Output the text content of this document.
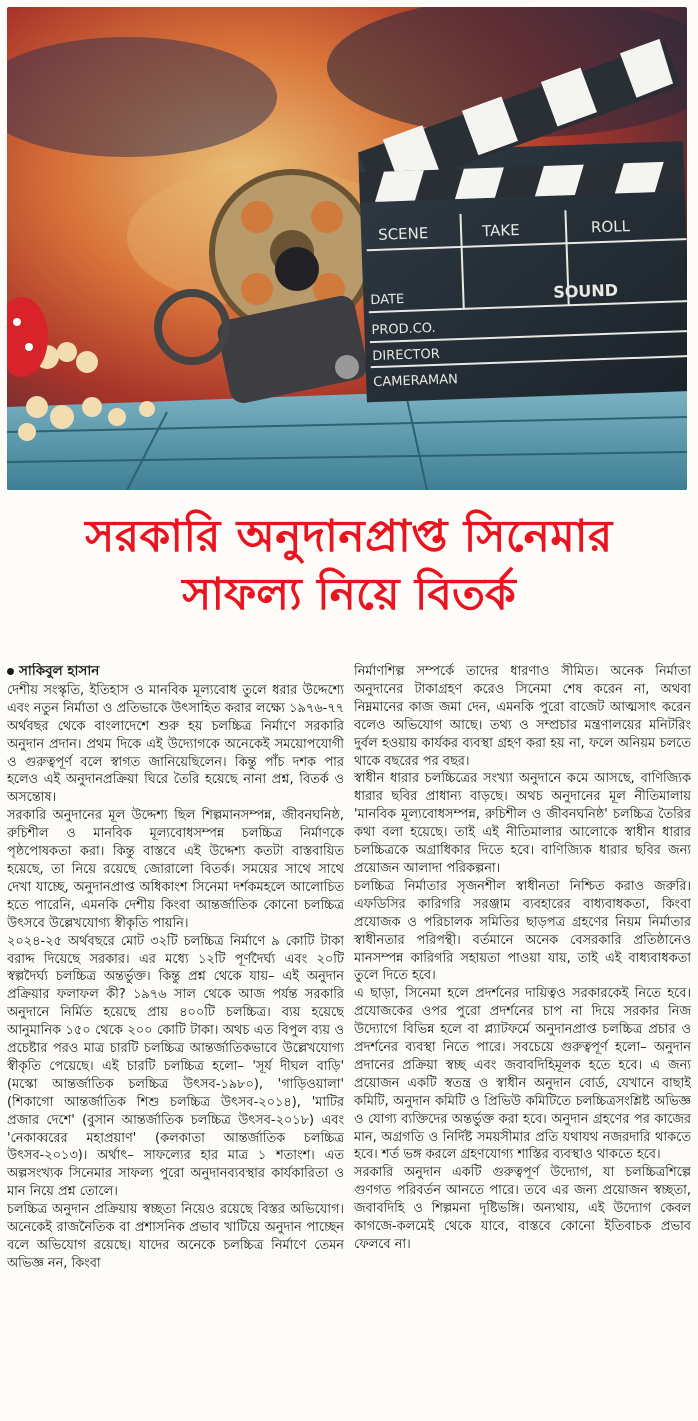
SCENE	TAKE	ROLL
DATE	SOUND
PROD.CO.
DIRECTOR
CAMERAMAN
সরকারি অনুদানপ্রাপ্ত সিনেমার
সাফল্য নিয়ে বিতর্ক
সাকিবুল হাসান

দেশীয় সংস্কৃতি, ইতিহাস ও মানবিক মূল্যবোধ তুলে ধরার উদ্দেশ্যে এবং নতুন নির্মাতা ও প্রতিভাকে উৎসাহিত করার লক্ষ্যে ১৯৭৬-৭৭ অর্থবছর থেকে বাংলাদেশে শুরু হয় চলচ্চিত্র নির্মাণে সরকারি অনুদান প্রদান। প্রথম দিকে এই উদ্যোগকে অনেকেই সময়োপযোগী ও গুরুত্বপূর্ণ বলে স্বাগত জানিয়েছিলেন। কিন্তু পাঁচ দশক পার হলেও এই অনুদানপ্রক্রিয়া ঘিরে তৈরি হয়েছে নানা প্রশ্ন, বিতর্ক ও অসন্তোষ।

সরকারি অনুদানের মূল উদ্দেশ্য ছিল শিল্পমানসম্পন্ন, জীবনঘনিষ্ঠ, রুচিশীল ও মানবিক মূল্যবোধসম্পন্ন চলচ্চিত্র নির্মাণকে পৃষ্ঠপোষকতা করা। কিন্তু বাস্তবে এই উদ্দেশ্য কতটা বাস্তবায়িত হয়েছে, তা নিয়ে রয়েছে জোরালো বিতর্ক। সময়ের সাথে সাথে দেখা যাচ্ছে, অনুদানপ্রাপ্ত অধিকাংশ সিনেমা দর্শকমহলে আলোচিত হতে পারেনি, এমনকি দেশীয় কিংবা আন্তর্জাতিক কোনো চলচ্চিত্র উৎসবে উল্লেখযোগ্য স্বীকৃতি পায়নি।

২০২৪-২৫ অর্থবছরে মোট ৩২টি চলচ্চিত্র নির্মাণে ৯ কোটি টাকা বরাদ্দ দিয়েছে সরকার। এর মধ্যে ১২টি পূর্ণদৈর্ঘ্য এবং ২০টি স্বল্পদৈর্ঘ্য চলচ্চিত্র অন্তর্ভুক্ত। কিন্তু প্রশ্ন থেকে যায়– এই অনুদান প্রক্রিয়ার ফলাফল কী? ১৯৭৬ সাল থেকে আজ পর্যন্ত সরকারি অনুদানে নির্মিত হয়েছে প্রায় ৪০০টি চলচ্চিত্র। ব্যয় হয়েছে আনুমানিক ১৫০ থেকে ২০০ কোটি টাকা। অথচ এত বিপুল ব্যয় ও প্রচেষ্টার পরও মাত্র চারটি চলচ্চিত্র আন্তর্জাতিকভাবে উল্লেখযোগ্য স্বীকৃতি পেয়েছে। এই চারটি চলচ্চিত্র হলো– 'সূর্য দীঘল বাড়ি' (মস্কো আন্তর্জাতিক চলচ্চিত্র উৎসব-১৯৮০), 'গাড়িওয়ালা' (শিকাগো আন্তর্জাতিক শিশু চলচ্চিত্র উৎসব-২০১৪), 'মাটির প্রজার দেশে' (বুসান আন্তর্জাতিক চলচ্চিত্র উৎসব-২০১৮) এবং 'নেকাব্বরের মহাপ্রয়াণ' (কলকাতা আন্তর্জাতিক চলচ্চিত্র উৎসব-২০১৩)। অর্থাৎ– সাফল্যের হার মাত্র ১ শতাংশ। এত অল্পসংখ্যক সিনেমার সাফল্য পুরো অনুদানব্যবস্থার কার্যকারিতা ও মান নিয়ে প্রশ্ন তোলে।

চলচ্চিত্র অনুদান প্রক্রিয়ায় স্বচ্ছতা নিয়েও রয়েছে বিস্তর অভিযোগ। অনেকেই রাজনৈতিক বা প্রশাসনিক প্রভাব খাটিয়ে অনুদান পাচ্ছেন বলে অভিযোগ রয়েছে। যাদের অনেকে চলচ্চিত্র নির্মাণে তেমন অভিজ্ঞ নন, কিংবা

নির্মাণশিল্প সম্পর্কে তাদের ধারণাও সীমিত। অনেক নির্মাতা অনুদানের টাকাগ্রহণ করেও সিনেমা শেষ করেন না, অথবা নিম্নমানের কাজ জমা দেন, এমনকি পুরো বাজেট আত্মসাৎ করেন বলেও অভিযোগ আছে। তথ্য ও সম্প্রচার মন্ত্রণালয়ের মনিটরিং দুর্বল হওয়ায় কার্যকর ব্যবস্থা গ্রহণ করা হয় না, ফলে অনিয়ম চলতে থাকে বছরের পর বছর।

স্বাধীন ধারার চলচ্চিত্রের সংখ্যা অনুদানে কমে আসছে, বাণিজ্যিক ধারার ছবির প্রাধান্য বাড়ছে। অথচ অনুদানের মূল নীতিমালায় 'মানবিক মূল্যবোধসম্পন্ন, রুচিশীল ও জীবনঘনিষ্ঠ' চলচ্চিত্র তৈরির কথা বলা হয়েছে। তাই এই নীতিমালার আলোকে স্বাধীন ধারার চলচ্চিত্রকে অগ্রাধিকার দিতে হবে। বাণিজ্যিক ধারার ছবির জন্য প্রয়োজন আলাদা পরিকল্পনা।

চলচ্চিত্র নির্মাতার সৃজনশীল স্বাধীনতা নিশ্চিত করাও জরুরি। এফডিসির কারিগরি সরঞ্জাম ব্যবহারের বাধ্যবাধকতা, কিংবা প্রযোজক ও পরিচালক সমিতির ছাড়পত্র গ্রহণের নিয়ম নির্মাতার স্বাধীনতার পরিপন্থী। বর্তমানে অনেক বেসরকারি প্রতিষ্ঠানেও মানসম্পন্ন কারিগরি সহায়তা পাওয়া যায়, তাই এই বাধ্যবাধকতা তুলে দিতে হবে।

এ ছাড়া, সিনেমা হলে প্রদর্শনের দায়িত্বও সরকারকেই নিতে হবে। প্রযোজকের ওপর পুরো প্রদর্শনের চাপ না দিয়ে সরকার নিজ উদ্যোগে বিভিন্ন হলে বা প্ল্যাটফর্মে অনুদানপ্রাপ্ত চলচ্চিত্র প্রচার ও প্রদর্শনের ব্যবস্থা নিতে পারে। সবচেয়ে গুরুত্বপূর্ণ হলো– অনুদান প্রদানের প্রক্রিয়া স্বচ্ছ এবং জবাবদিহিমূলক হতে হবে। এ জন্য প্রয়োজন একটি স্বতন্ত্র ও স্বাধীন অনুদান বোর্ড, যেখানে বাছাই কমিটি, অনুদান কমিটি ও প্রিভিউ কমিটিতে চলচ্চিত্রসংশ্লিষ্ট অভিজ্ঞ ও যোগ্য ব্যক্তিদের অন্তর্ভুক্ত করা হবে। অনুদান গ্রহণের পর কাজের মান, অগ্রগতি ও নির্দিষ্ট সময়সীমার প্রতি যথাযথ নজরদারি থাকতে হবে। শর্ত ভঙ্গ করলে গ্রহণযোগ্য শাস্তির ব্যবস্থাও থাকতে হবে।

সরকারি অনুদান একটি গুরুত্বপূর্ণ উদ্যোগ, যা চলচ্চিত্রশিল্পে গুণগত পরিবর্তন আনতে পারে। তবে এর জন্য প্রয়োজন স্বচ্ছতা, জবাবদিহি ও শিল্পমনা দৃষ্টিভঙ্গি। অন্যথায়, এই উদ্যোগ কেবল কাগজে-কলমেই থেকে যাবে, বাস্তবে কোনো ইতিবাচক প্রভাব ফেলবে না।
